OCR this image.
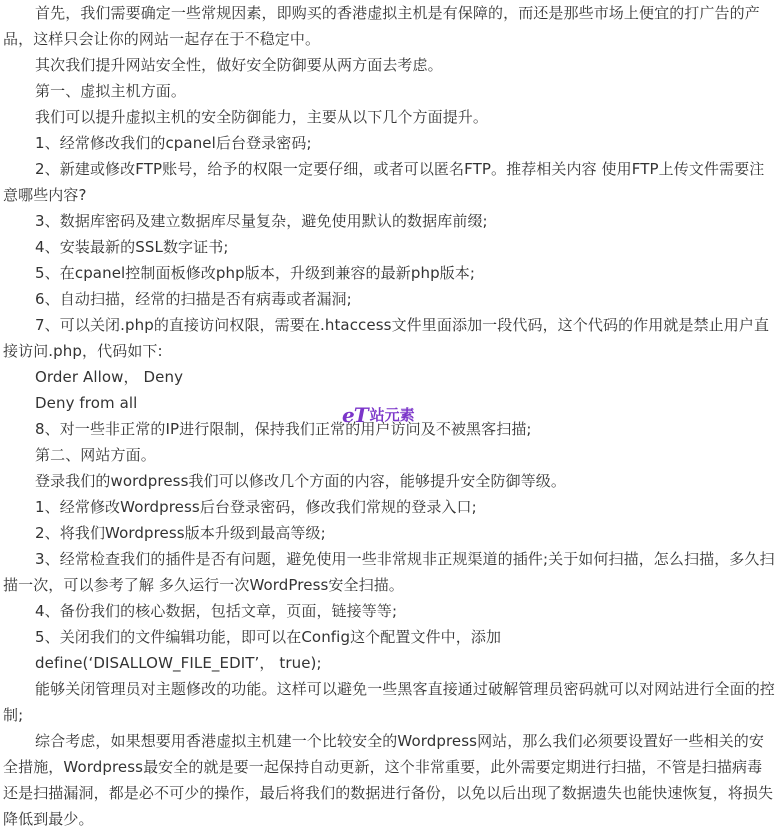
首先，我们需要确定一些常规因素，即购买的香港虚拟主机是有保障的，而还是那些市场上便宜的打广告的产品，这样只会让你的网站一起存在于不稳定中。

其次我们提升网站安全性，做好安全防御要从两方面去考虑。

第一、虚拟主机方面。

我们可以提升虚拟主机的安全防御能力，主要从以下几个方面提升。

1、经常修改我们的cpanel后台登录密码;

2、新建或修改FTP账号，给予的权限一定要仔细，或者可以匿名FTP。推荐相关内容 使用FTP上传文件需要注意哪些内容?

3、数据库密码及建立数据库尽量复杂，避免使用默认的数据库前缀;

4、安装最新的SSL数字证书;

5、在cpanel控制面板修改php版本，升级到兼容的最新php版本;

6、自动扫描，经常的扫描是否有病毒或者漏洞;

7、可以关闭.php的直接访问权限，需要在.htaccess文件里面添加一段代码，这个代码的作用就是禁止用户直接访问.php，代码如下:

Order Allow， Deny

Deny from all

8、对一些非正常的IP进行限制，保持我们正常的用户访问及不被黑客扫描;

第二、网站方面。

登录我们的wordpress我们可以修改几个方面的内容，能够提升安全防御等级。

1、经常修改Wordpress后台登录密码，修改我们常规的登录入口;

2、将我们Wordpress版本升级到最高等级;

3、经常检查我们的插件是否有问题，避免使用一些非常规非正规渠道的插件;关于如何扫描，怎么扫描，多久扫描一次，可以参考了解 多久运行一次WordPress安全扫描。

4、备份我们的核心数据，包括文章，页面，链接等等;

5、关闭我们的文件编辑功能，即可以在Config这个配置文件中，添加

define(‘DISALLOW_FILE_EDIT’， true);

能够关闭管理员对主题修改的功能。这样可以避免一些黑客直接通过破解管理员密码就可以对网站进行全面的控制;

综合考虑，如果想要用香港虚拟主机建一个比较安全的Wordpress网站，那么我们必须要设置好一些相关的安全措施，Wordpress最安全的就是要一起保持自动更新，这个非常重要，此外需要定期进行扫描，不管是扫描病毒还是扫描漏洞，都是必不可少的操作，最后将我们的数据进行备份，以免以后出现了数据遗失也能快速恢复，将损失降低到最少。

eT 站元素
